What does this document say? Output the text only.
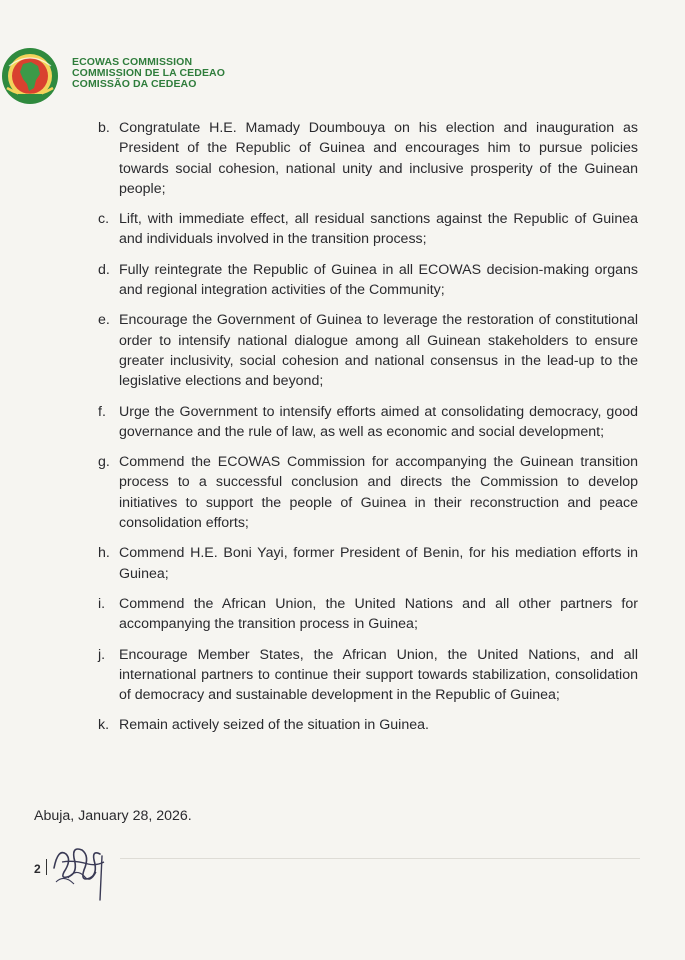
ECOWAS COMMISSION
COMMISSION DE LA CEDEAO
COMISSÃO DA CEDEAO
b. Congratulate H.E. Mamady Doumbouya on his election and inauguration as President of the Republic of Guinea and encourages him to pursue policies towards social cohesion, national unity and inclusive prosperity of the Guinean people;
c. Lift, with immediate effect, all residual sanctions against the Republic of Guinea and individuals involved in the transition process;
d. Fully reintegrate the Republic of Guinea in all ECOWAS decision-making organs and regional integration activities of the Community;
e. Encourage the Government of Guinea to leverage the restoration of constitutional order to intensify national dialogue among all Guinean stakeholders to ensure greater inclusivity, social cohesion and national consensus in the lead-up to the legislative elections and beyond;
f. Urge the Government to intensify efforts aimed at consolidating democracy, good governance and the rule of law, as well as economic and social development;
g. Commend the ECOWAS Commission for accompanying the Guinean transition process to a successful conclusion and directs the Commission to develop initiatives to support the people of Guinea in their reconstruction and peace consolidation efforts;
h. Commend H.E. Boni Yayi, former President of Benin, for his mediation efforts in Guinea;
i. Commend the African Union, the United Nations and all other partners for accompanying the transition process in Guinea;
j. Encourage Member States, the African Union, the United Nations, and all international partners to continue their support towards stabilization, consolidation of democracy and sustainable development in the Republic of Guinea;
k. Remain actively seized of the situation in Guinea.
Abuja, January 28, 2026.
2
